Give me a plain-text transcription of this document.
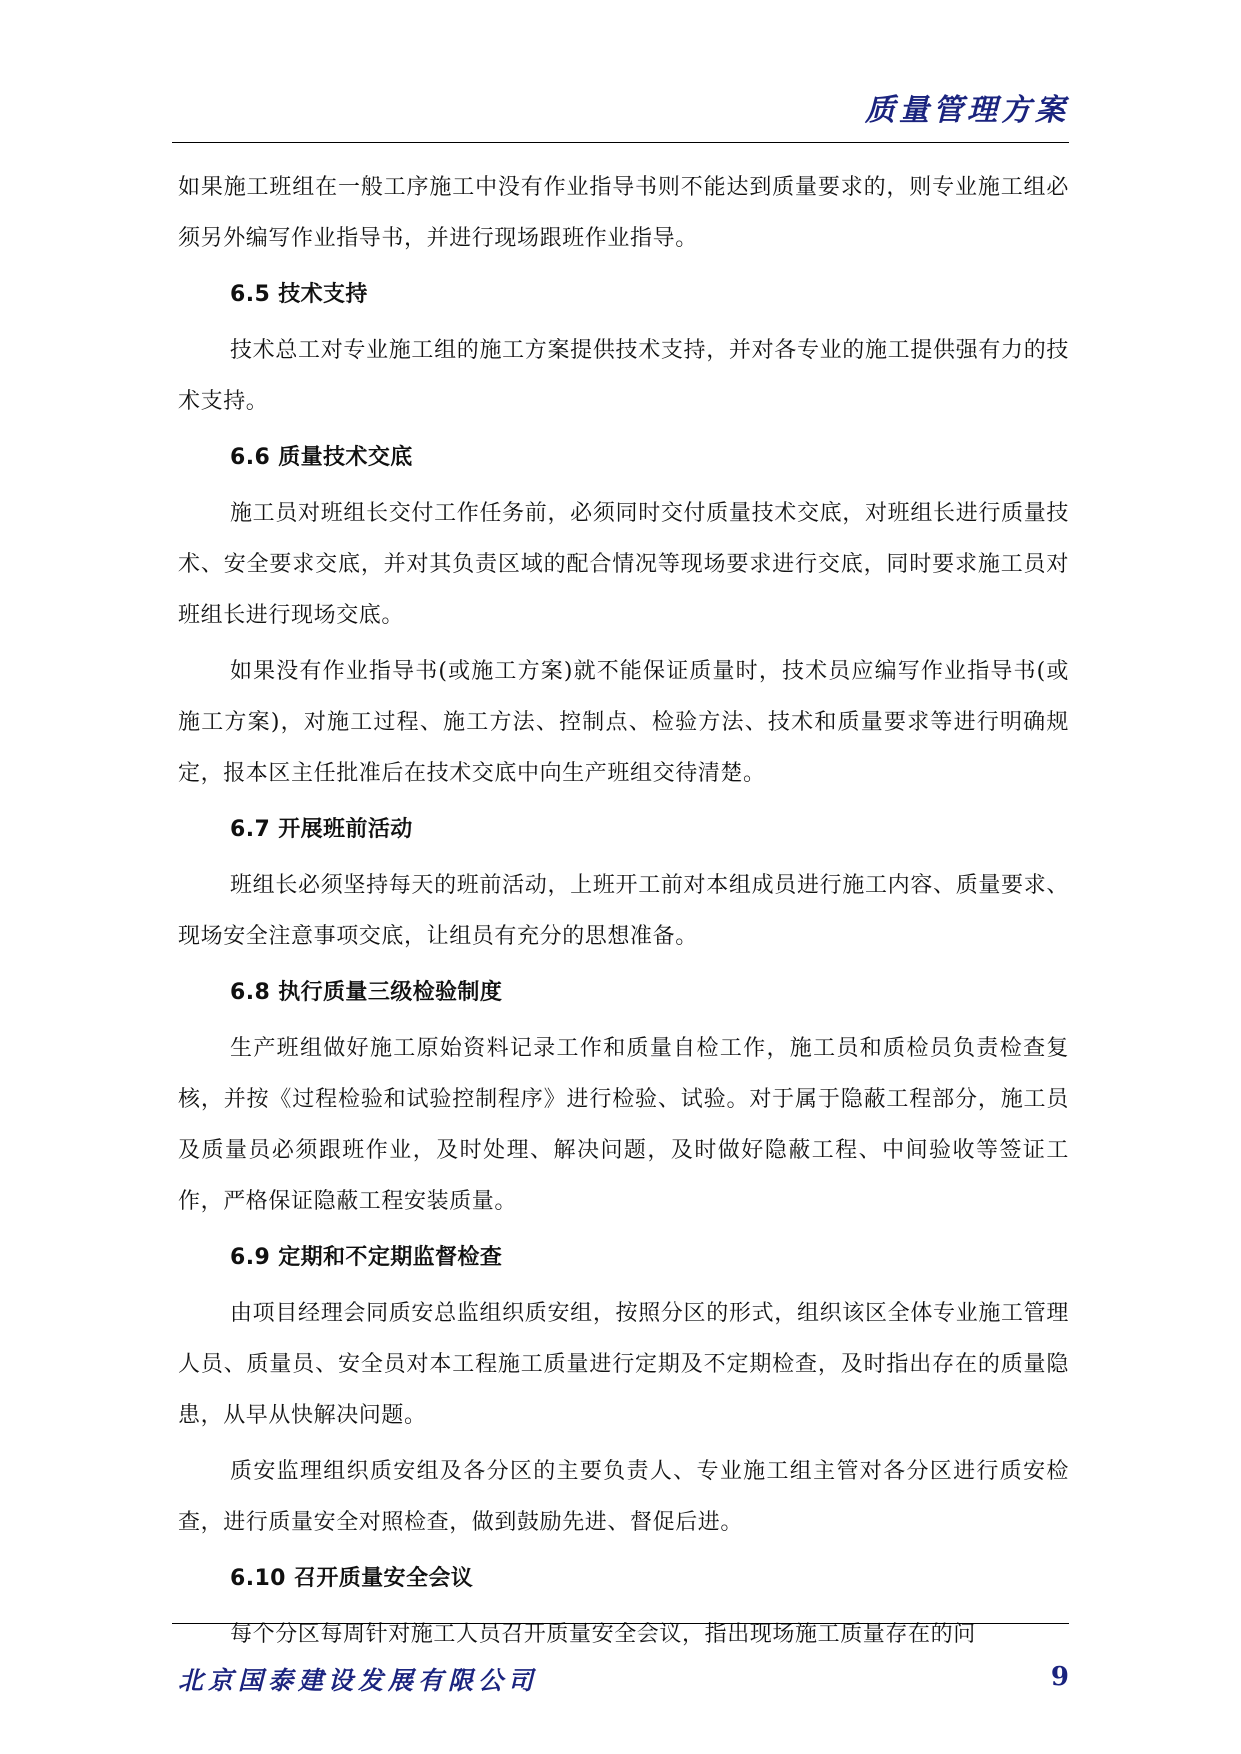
质量管理方案

如果施工班组在一般工序施工中没有作业指导书则不能达到质量要求的，则专业施工组必须另外编写作业指导书，并进行现场跟班作业指导。

6.5 技术支持

技术总工对专业施工组的施工方案提供技术支持，并对各专业的施工提供强有力的技术支持。

6.6 质量技术交底

施工员对班组长交付工作任务前，必须同时交付质量技术交底，对班组长进行质量技术、安全要求交底，并对其负责区域的配合情况等现场要求进行交底，同时要求施工员对班组长进行现场交底。

如果没有作业指导书(或施工方案)就不能保证质量时，技术员应编写作业指导书(或施工方案)，对施工过程、施工方法、控制点、检验方法、技术和质量要求等进行明确规定，报本区主任批准后在技术交底中向生产班组交待清楚。

6.7 开展班前活动

班组长必须坚持每天的班前活动，上班开工前对本组成员进行施工内容、质量要求、现场安全注意事项交底，让组员有充分的思想准备。

6.8 执行质量三级检验制度

生产班组做好施工原始资料记录工作和质量自检工作，施工员和质检员负责检查复核，并按《过程检验和试验控制程序》进行检验、试验。对于属于隐蔽工程部分，施工员及质量员必须跟班作业，及时处理、解决问题，及时做好隐蔽工程、中间验收等签证工作，严格保证隐蔽工程安装质量。

6.9 定期和不定期监督检查

由项目经理会同质安总监组织质安组，按照分区的形式，组织该区全体专业施工管理人员、质量员、安全员对本工程施工质量进行定期及不定期检查，及时指出存在的质量隐患，从早从快解决问题。

质安监理组织质安组及各分区的主要负责人、专业施工组主管对各分区进行质安检查，进行质量安全对照检查，做到鼓励先进、督促后进。

6.10 召开质量安全会议

每个分区每周针对施工人员召开质量安全会议，指出现场施工质量存在的问

北京国泰建设发展有限公司	9
